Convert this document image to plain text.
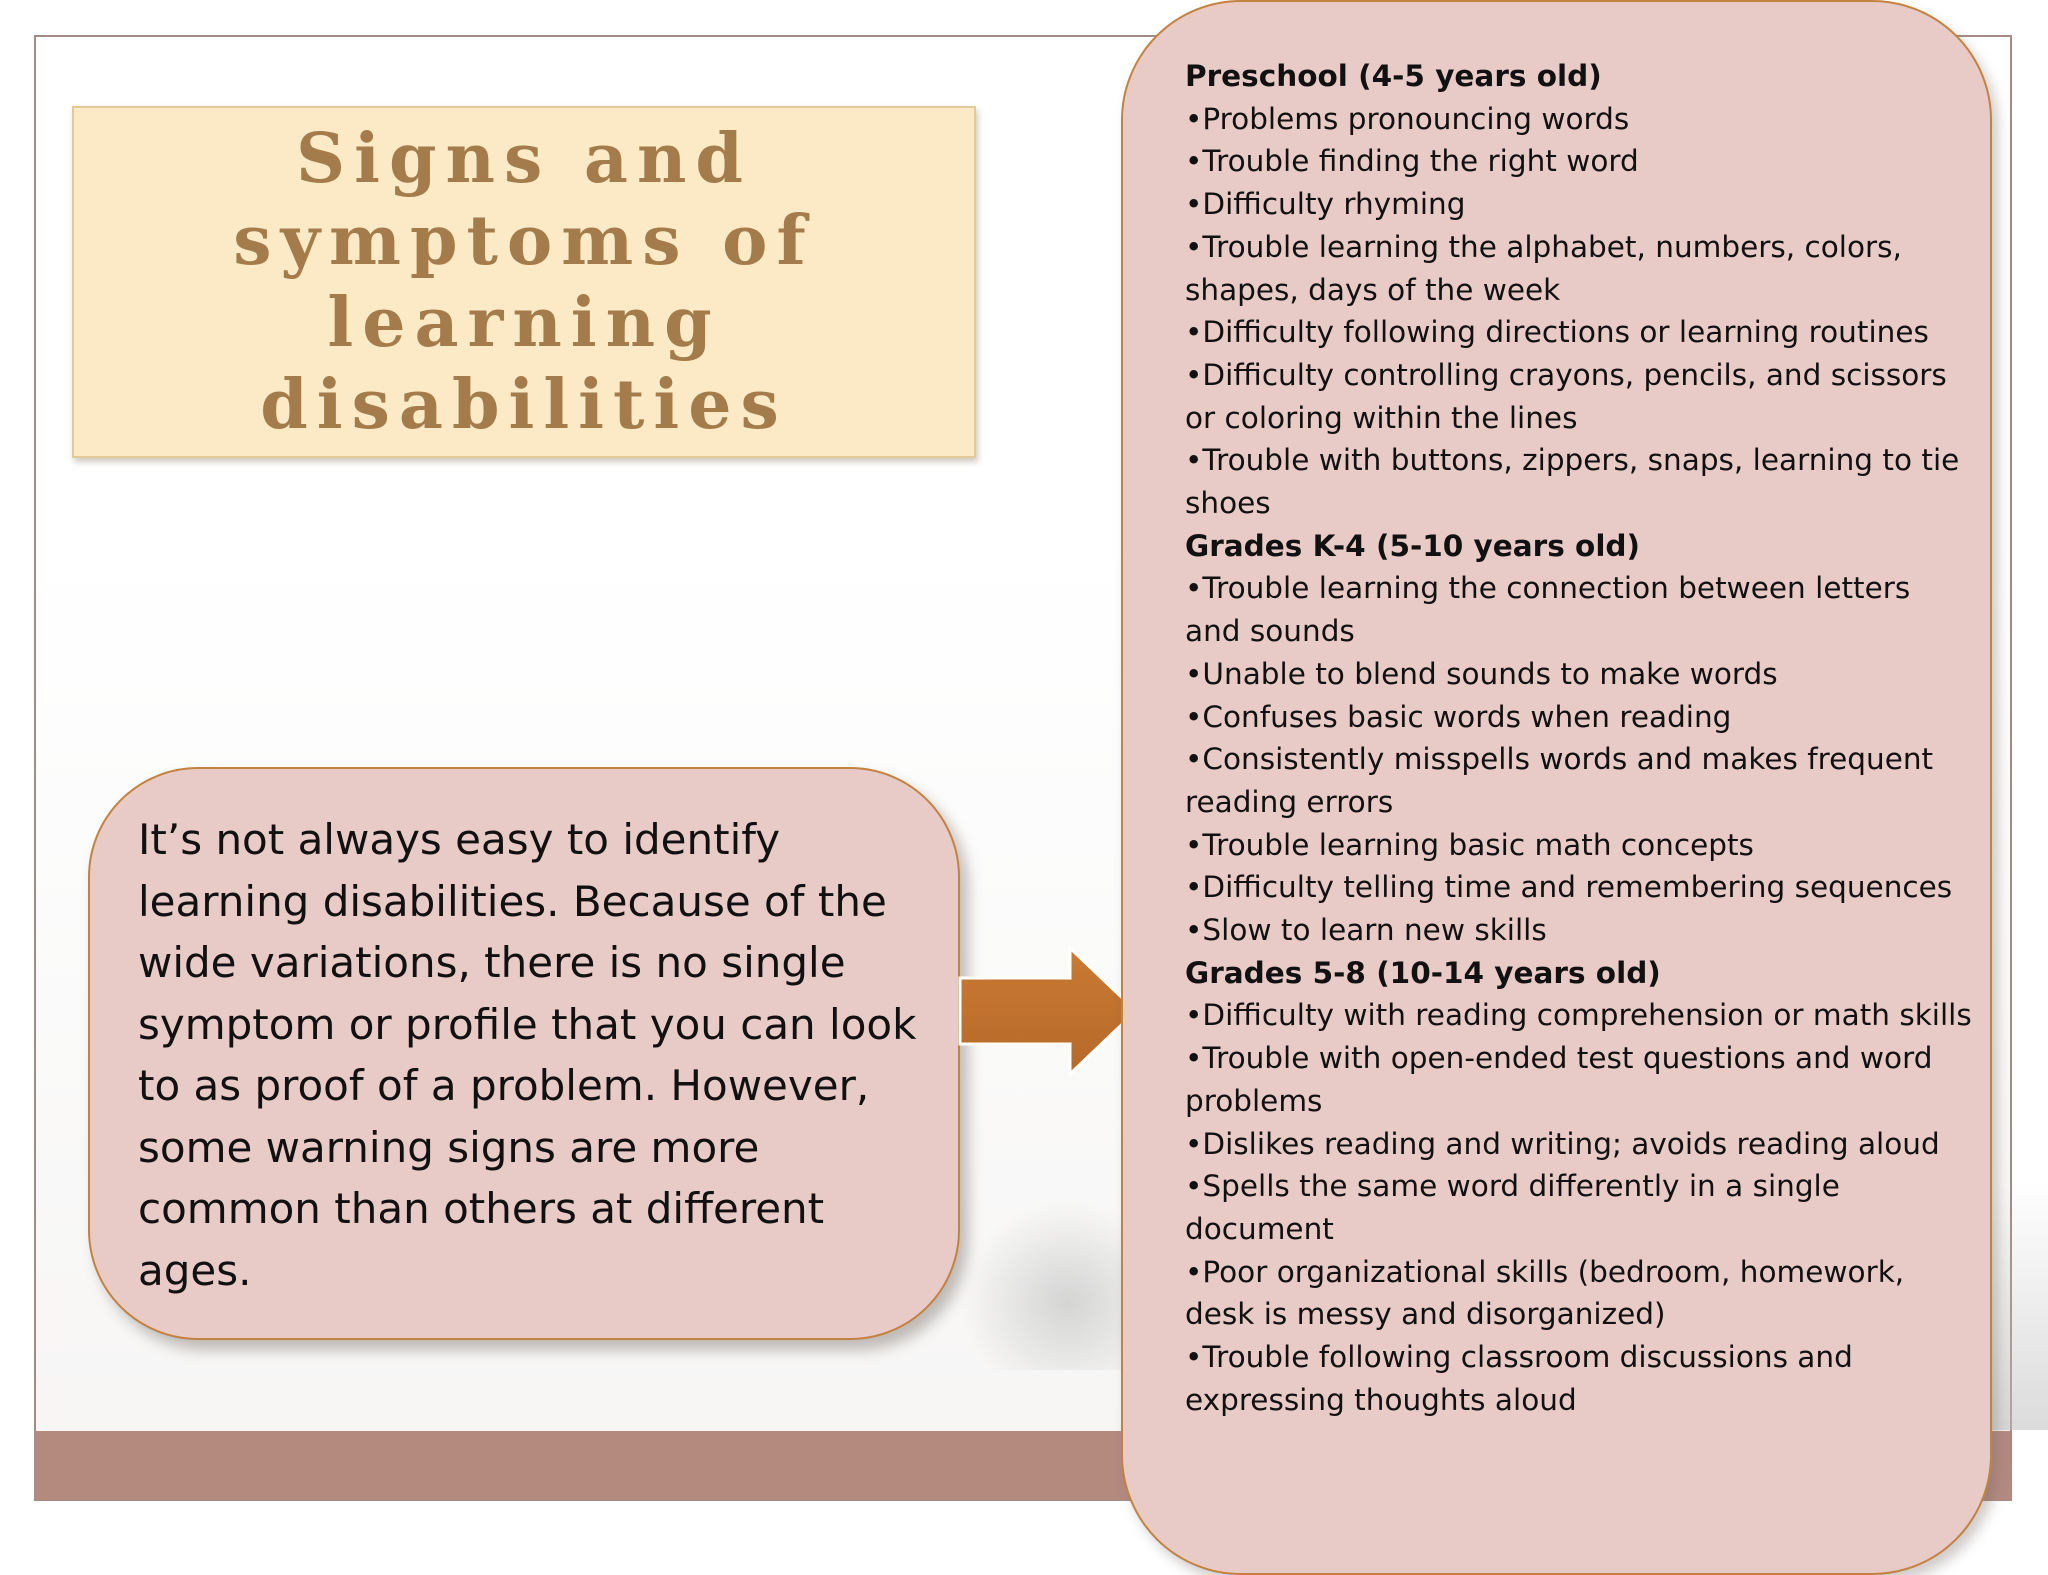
Signs and symptoms of learning disabilities

It’s not always easy to identify learning disabilities. Because of the wide variations, there is no single symptom or profile that you can look to as proof of a problem. However, some warning signs are more common than others at different ages.

Preschool (4-5 years old)

•Problems pronouncing words

•Trouble finding the right word

•Difficulty rhyming

•Trouble learning the alphabet, numbers, colors, shapes, days of the week

•Difficulty following directions or learning routines

•Difficulty controlling crayons, pencils, and scissors or coloring within the lines

•Trouble with buttons, zippers, snaps, learning to tie shoes

Grades K-4 (5-10 years old)

•Trouble learning the connection between letters and sounds

•Unable to blend sounds to make words

•Confuses basic words when reading

•Consistently misspells words and makes frequent reading errors

•Trouble learning basic math concepts

•Difficulty telling time and remembering sequences

•Slow to learn new skills

Grades 5-8 (10-14 years old)

•Difficulty with reading comprehension or math skills

•Trouble with open-ended test questions and word problems

•Dislikes reading and writing; avoids reading aloud

•Spells the same word differently in a single document

•Poor organizational skills (bedroom, homework, desk is messy and disorganized)

•Trouble following classroom discussions and expressing thoughts aloud
